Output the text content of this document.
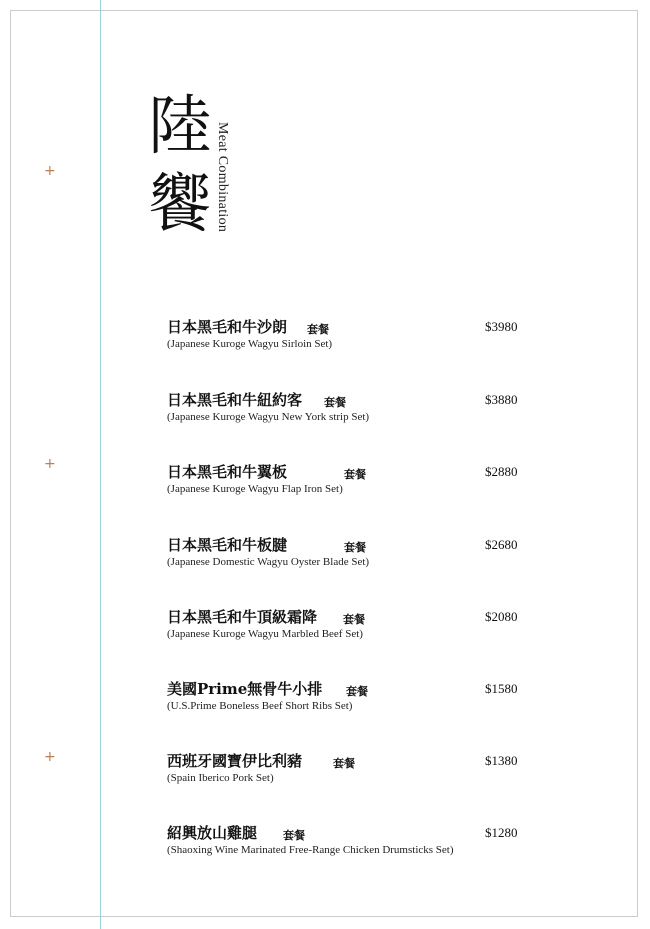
+
+
+
陸饗 Meat Combination
日本黑毛和牛沙朗	套餐	$3980
(Japanese Kuroge Wagyu Sirloin Set)
日本黑毛和牛紐約客	套餐	$3880
(Japanese Kuroge Wagyu New York strip Set)
日本黑毛和牛翼板	套餐	$2880
(Japanese Kuroge Wagyu Flap Iron Set)
日本黑毛和牛板腱	套餐	$2680
(Japanese Domestic Wagyu Oyster Blade Set)
日本黑毛和牛頂級霜降	套餐	$2080
(Japanese Kuroge Wagyu Marbled Beef Set)
美國Prime無骨牛小排	套餐	$1580
(U.S.Prime Boneless Beef Short Ribs Set)
西班牙國寶伊比利豬	套餐	$1380
(Spain Iberico Pork Set)
紹興放山雞腿	套餐	$1280
(Shaoxing Wine Marinated Free-Range Chicken Drumsticks Set)
